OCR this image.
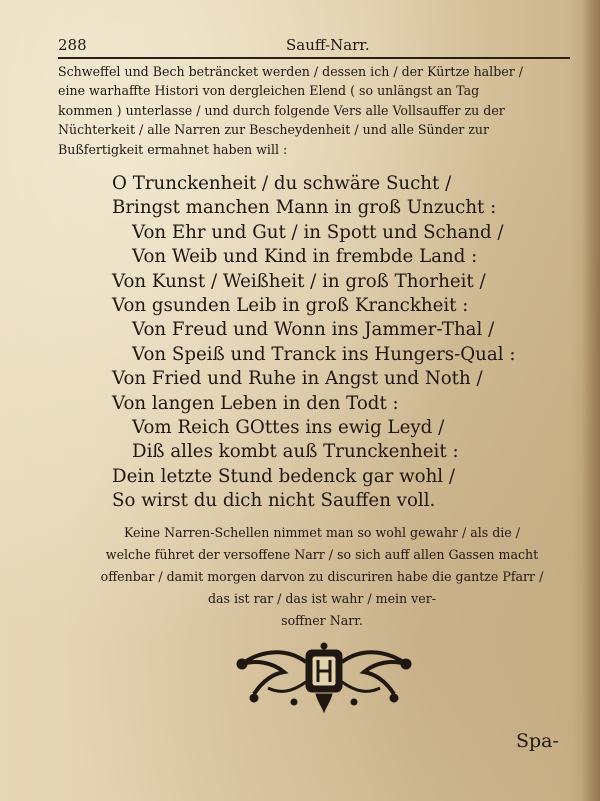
288	Sauff-Narr.
Schweffel und Bech beträncket werden / dessen ich / der Kürtze halber /
eine warhaffte Histori von dergleichen Elend ( so unlängst an Tag
kommen ) unterlasse / und durch folgende Vers alle Vollsauffer zu der
Nüchterkeit / alle Narren zur Bescheydenheit / und alle Sünder zur
Bußfertigkeit ermahnet haben will :
O Trunckenheit / du schwäre Sucht /
Bringst manchen Mann in groß Unzucht :
Von Ehr und Gut / in Spott und Schand /
Von Weib und Kind in frembde Land :
Von Kunst / Weißheit / in groß Thorheit /
Von gsunden Leib in groß Kranckheit :
Von Freud und Wonn ins Jammer-Thal /
Von Speiß und Tranck ins Hungers-Qual :
Von Fried und Ruhe in Angst und Noth /
Von langen Leben in den Todt :
Vom Reich GOttes ins ewig Leyd /
Diß alles kombt auß Trunckenheit :
Dein letzte Stund bedenck gar wohl /
So wirst du dich nicht Sauffen voll.
Keine Narren-Schellen nimmet man so wohl gewahr / als die /
welche führet der versoffene Narr / so sich auff allen Gassen macht
offenbar / damit morgen darvon zu discuriren habe die gantze Pfarr /
das ist rar / das ist wahr / mein ver-
soffner Narr.
Spa-
